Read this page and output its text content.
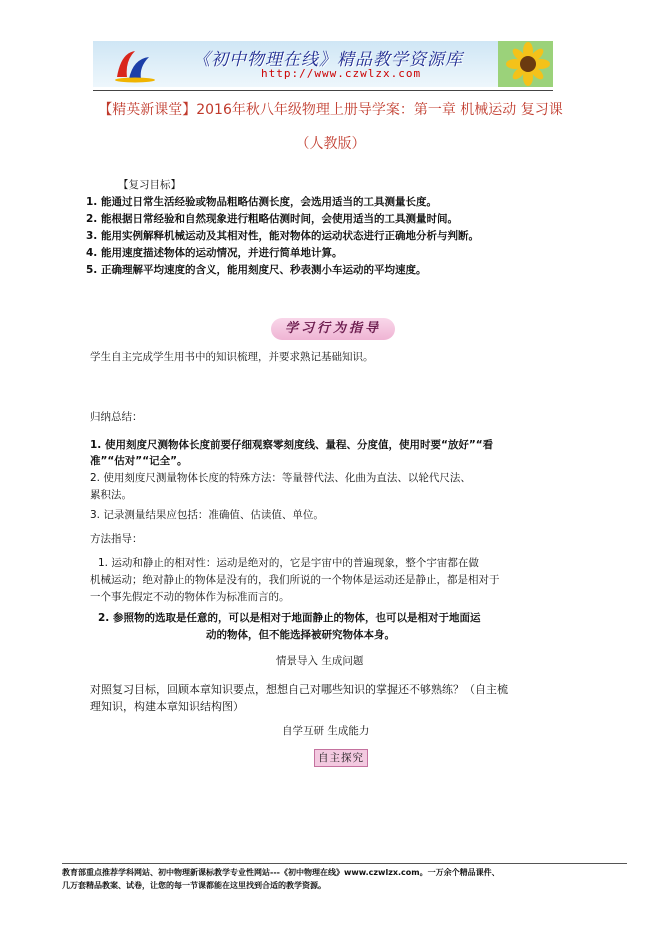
《初中物理在线》精品教学资源库
http://www.czwlzx.com
【精英新课堂】2016年秋八年级物理上册导学案：第一章 机械运动 复习课
（人教版）
【复习目标】
1. 能通过日常生活经验或物品粗略估测长度，会选用适当的工具测量长度。
2. 能根据日常经验和自然现象进行粗略估测时间，会使用适当的工具测量时间。
3. 能用实例解释机械运动及其相对性，能对物体的运动状态进行正确地分析与判断。
4. 能用速度描述物体的运动情况，并进行简单地计算。
5. 正确理解平均速度的含义，能用刻度尺、秒表测小车运动的平均速度。
学习行为指导
学生自主完成学生用书中的知识梳理，并要求熟记基础知识。
归纳总结：
1. 使用刻度尺测物体长度前要仔细观察零刻度线、量程、分度值，使用时要“放好”“看
准”“估对”“记全”。
2. 使用刻度尺测量物体长度的特殊方法：等量替代法、化曲为直法、以轮代尺法、
累积法。
3. 记录测量结果应包括：准确值、估读值、单位。
方法指导：
1. 运动和静止的相对性：运动是绝对的，它是宇宙中的普遍现象，整个宇宙都在做
机械运动；绝对静止的物体是没有的，我们所说的一个物体是运动还是静止，都是相对于
一个事先假定不动的物体作为标准而言的。
2. 参照物的选取是任意的，可以是相对于地面静止的物体，也可以是相对于地面运
动的物体，但不能选择被研究物体本身。
情景导入 生成问题
对照复习目标，回顾本章知识要点，想想自己对哪些知识的掌握还不够熟练？（自主梳
理知识，构建本章知识结构图）
自学互研 生成能力
自主探究
教育部重点推荐学科网站、初中物理新课标教学专业性网站---《初中物理在线》www.czwlzx.com。一万余个精品课件、
几万套精品教案、试卷，让您的每一节课都能在这里找到合适的教学资源。
